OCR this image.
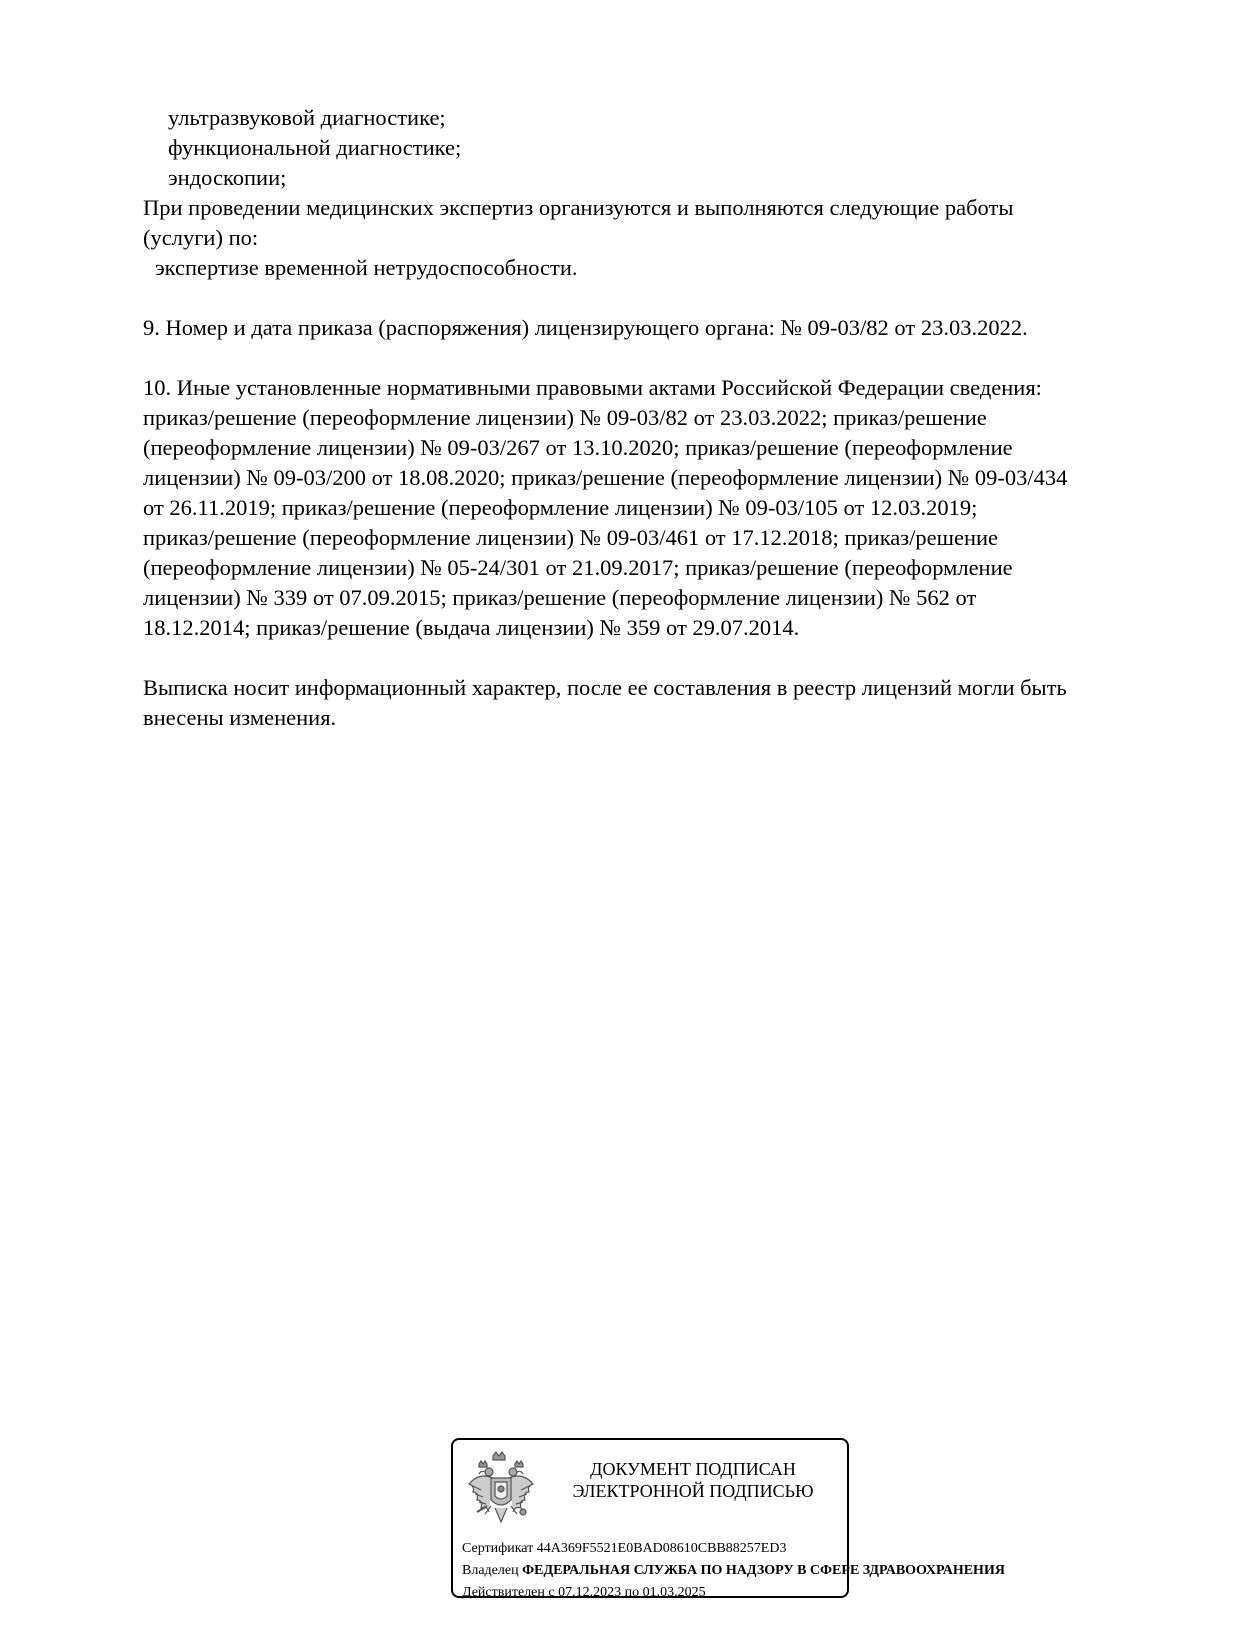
ультразвуковой диагностике;
функциональной диагностике;
эндоскопии;
При проведении медицинских экспертиз организуются и выполняются следующие работы
(услуги) по:
экспертизе временной нетрудоспособности.
9. Номер и дата приказа (распоряжения) лицензирующего органа: № 09-03/82 от 23.03.2022.
10. Иные установленные нормативными правовыми актами Российской Федерации сведения:
приказ/решение (переоформление лицензии) № 09-03/82 от 23.03.2022; приказ/решение
(переоформление лицензии) № 09-03/267 от 13.10.2020; приказ/решение (переоформление
лицензии) № 09-03/200 от 18.08.2020; приказ/решение (переоформление лицензии) № 09-03/434
от 26.11.2019; приказ/решение (переоформление лицензии) № 09-03/105 от 12.03.2019;
приказ/решение (переоформление лицензии) № 09-03/461 от 17.12.2018; приказ/решение
(переоформление лицензии) № 05-24/301 от 21.09.2017; приказ/решение (переоформление
лицензии) № 339 от 07.09.2015; приказ/решение (переоформление лицензии) № 562 от
18.12.2014; приказ/решение (выдача лицензии) № 359 от 29.07.2014.
Выписка носит информационный характер, после ее составления в реестр лицензий могли быть
внесены изменения.
ДОКУМЕНТ ПОДПИСАН
ЭЛЕКТРОННОЙ ПОДПИСЬЮ
Сертификат 44A369F5521E0BAD08610CBB88257ED3
Владелец ФЕДЕРАЛЬНАЯ СЛУЖБА ПО НАДЗОРУ В СФЕРЕ ЗДРАВООХРАНЕНИЯ
Действителен с 07.12.2023 по 01.03.2025
